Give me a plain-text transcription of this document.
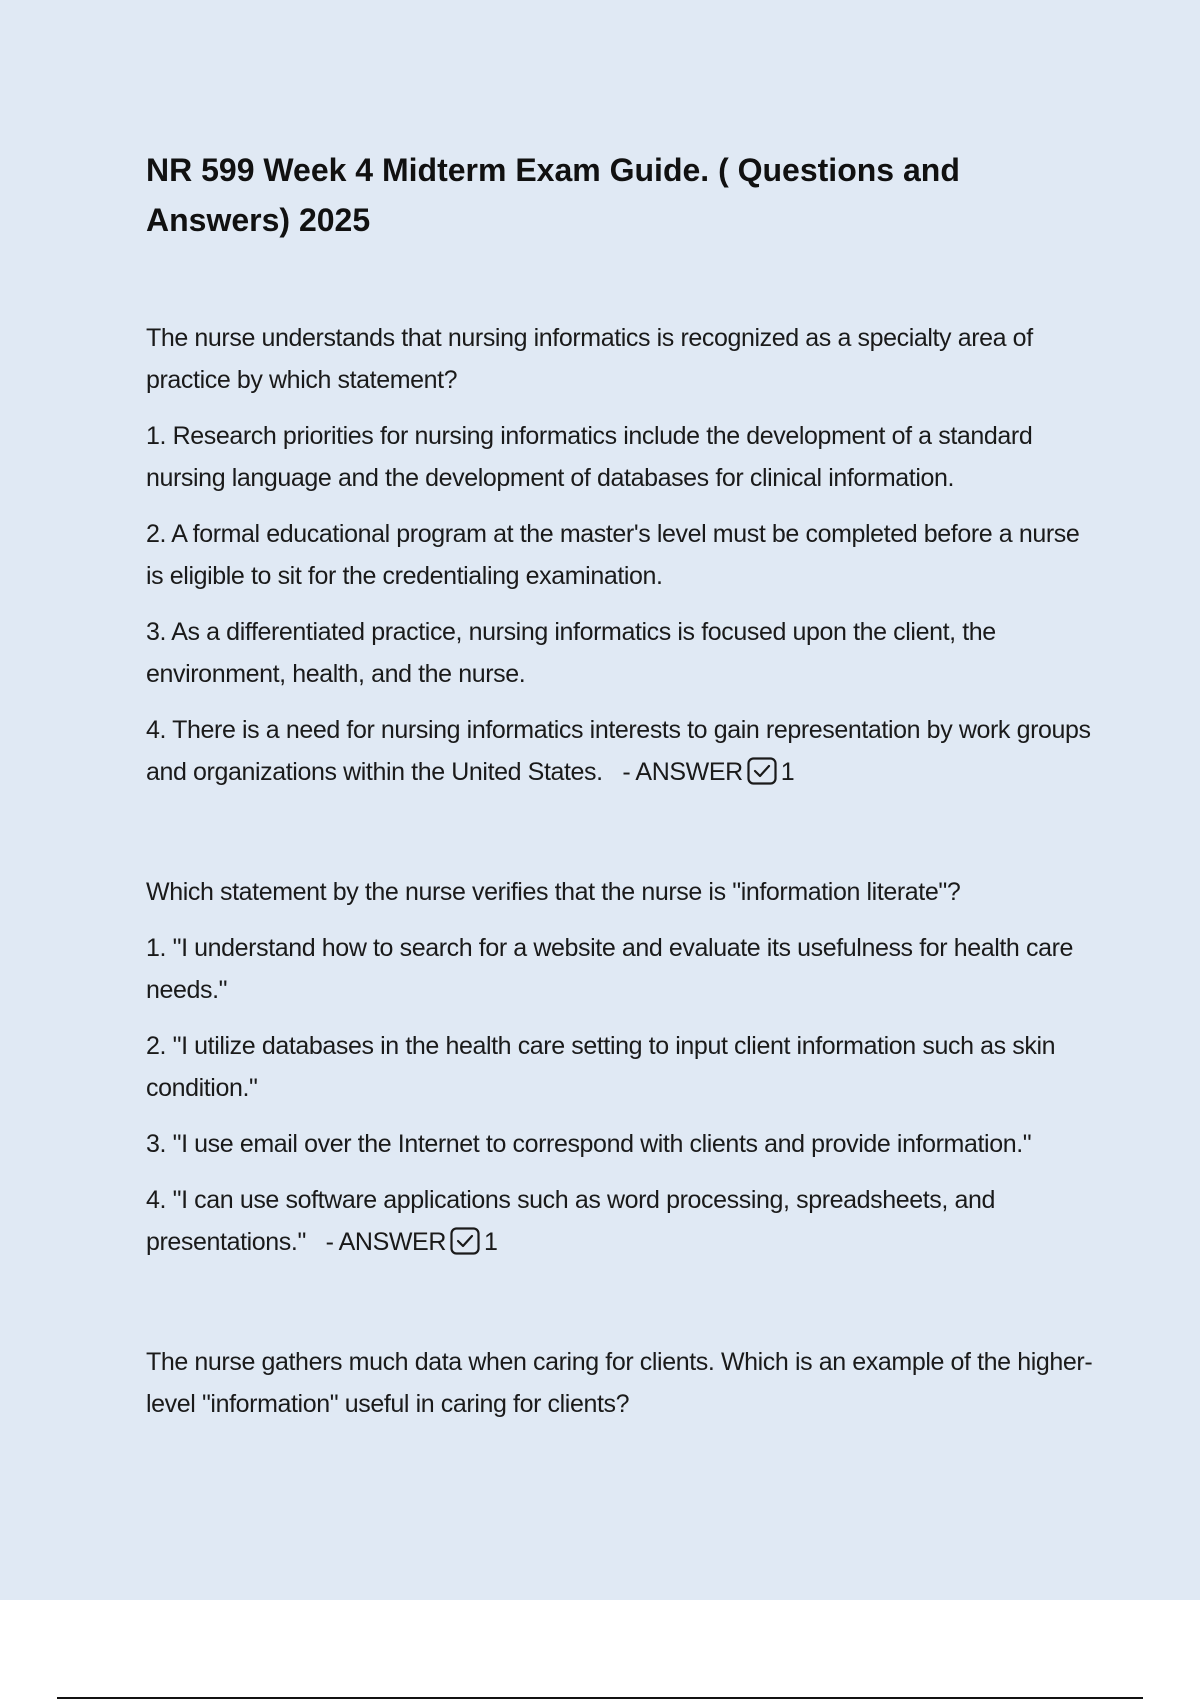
NR 599 Week 4 Midterm Exam Guide. ( Questions and Answers) 2025

The nurse understands that nursing informatics is recognized as a specialty area of practice by which statement?

1. Research priorities for nursing informatics include the development of a standard nursing language and the development of databases for clinical information.

2. A formal educational program at the master's level must be completed before a nurse is eligible to sit for the credentialing examination.

3. As a differentiated practice, nursing informatics is focused upon the client, the environment, health, and the nurse.

4. There is a need for nursing informatics interests to gain representation by work groups and organizations within the United States. - ANSWER 1

Which statement by the nurse verifies that the nurse is "information literate"?

1. "I understand how to search for a website and evaluate its usefulness for health care needs."

2. "I utilize databases in the health care setting to input client information such as skin condition."

3. "I use email over the Internet to correspond with clients and provide information."

4. "I can use software applications such as word processing, spreadsheets, and presentations." - ANSWER 1

The nurse gathers much data when caring for clients. Which is an example of the higher-level "information" useful in caring for clients?
